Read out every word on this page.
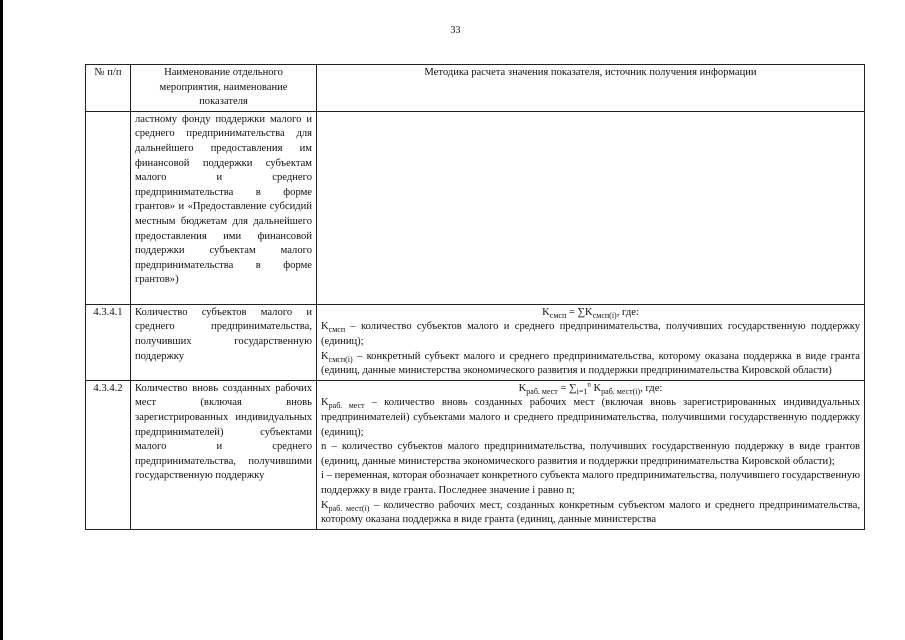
33
№ п/п	Наименование отдельного мероприятия, наименование показателя	Методика расчета значения показателя, источник получения информации
	ластному фонду поддержки малого и среднего предпринимательства для дальнейшего предоставления им финансовой поддержки субъектам малого и среднего предпринимательства в форме грантов» и «Предоставление субсидий местным бюджетам для дальнейшего предоставления ими финансовой поддержки субъектам малого предпринимательства в форме грантов»)	
4.3.4.1	Количество субъектов малого и среднего предпринимательства, получивших государственную поддержку	$K_{смсп} = \sum K_{смсп(i)}$, где:

$K_{смсп}$ – количество субъектов малого и среднего предпринимательства, получивших государственную поддержку (единиц);

$K_{смсп(i)}$ – конкретный субъект малого и среднего предпринимательства, которому оказана поддержка в виде гранта (единиц, данные министерства экономического развития и поддержки предпринимательства Кировской области)

4.3.4.2	Количество вновь созданных рабочих мест (включая вновь зарегистрированных индивидуальных предпринимателей) субъектами малого и среднего предпринимательства, получившими государственную поддержку	$K_{раб. мест} = \sum_{i=1}^n$ $K_{раб. мест(i)}$, где:

$K_{раб. мест}$ – количество вновь созданных рабочих мест (включая вновь зарегистрированных индивидуальных предпринимателей) субъектами малого и среднего предпринимательства, получившими государственную поддержку (единиц);

n – количество субъектов малого предпринимательства, получивших государственную поддержку в виде грантов (единиц, данные министерства экономического развития и поддержки предпринимательства Кировской области);

i – переменная, которая обозначает конкретного субъекта малого предпринимательства, получившего государственную поддержку в виде гранта. Последнее значение i равно n;

$K_{раб. мест(i)}$ – количество рабочих мест, созданных конкретным субъектом малого и среднего предпринимательства, которому оказана поддержка в виде гранта (единиц, данные министерства
